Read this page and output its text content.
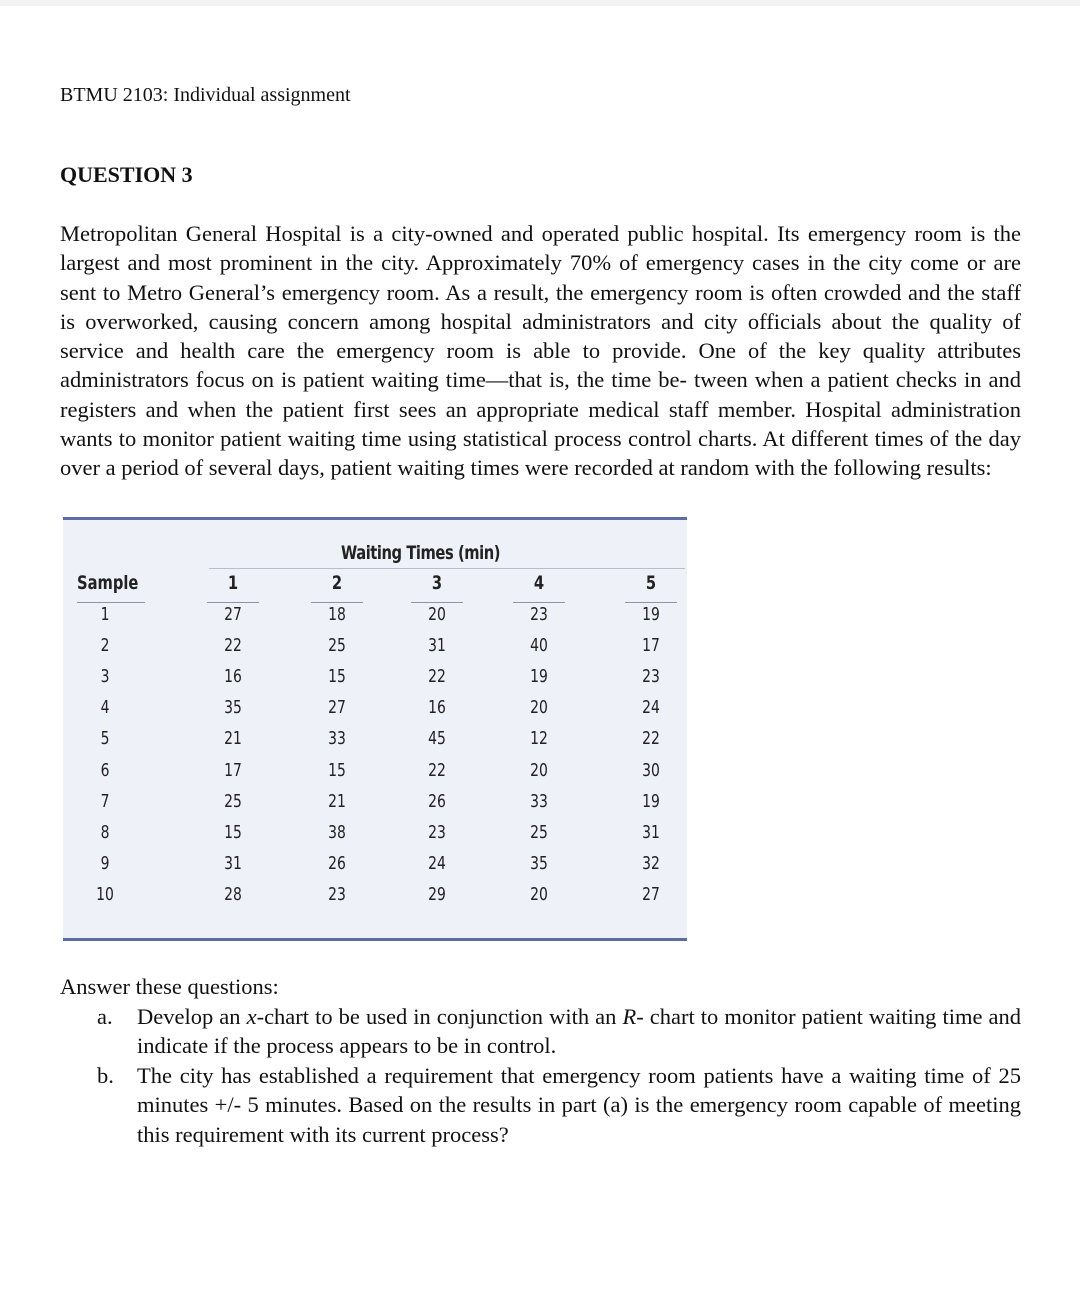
BTMU 2103: Individual assignment
QUESTION 3
Metropolitan General Hospital is a city-owned and operated public hospital. Its emergency room is the largest and most prominent in the city. Approximately 70% of emergency cases in the city come or are sent to Metro General’s emergency room. As a result, the emergency room is often crowded and the staff is overworked, causing concern among hospital administrators and city officials about the quality of service and health care the emergency room is able to provide. One of the key quality attributes administrators focus on is patient waiting time—that is, the time be- tween when a patient checks in and registers and when the patient first sees an appropriate medical staff member. Hospital administration wants to monitor patient waiting time using statistical process control charts. At different times of the day over a period of several days, patient waiting times were recorded at random with the following results:
Waiting Times (min)
Sample	1	2	3	4	5
1	27	18	20	23	19
2	22	25	31	40	17
3	16	15	22	19	23
4	35	27	16	20	24
5	21	33	45	12	22
6	17	15	22	20	30
7	25	21	26	33	19
8	15	38	23	25	31
9	31	26	24	35	32
10	28	23	29	20	27

Answer these questions:

a. Develop an x-chart to be used in conjunction with an R- chart to monitor patient waiting time and indicate if the process appears to be in control.
b. The city has established a requirement that emergency room patients have a waiting time of 25 minutes +/- 5 minutes. Based on the results in part (a) is the emergency room capable of meeting this requirement with its current process?
